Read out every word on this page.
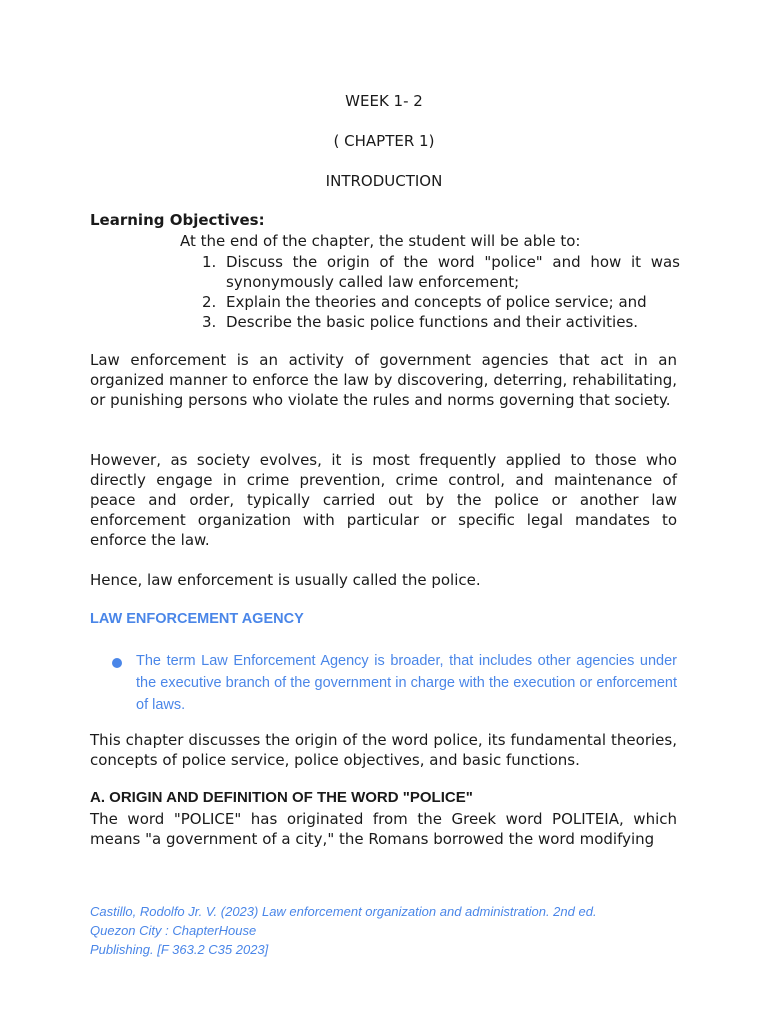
WEEK 1- 2
( CHAPTER 1)
INTRODUCTION
Learning Objectives:
At the end of the chapter, the student will be able to:
1. Discuss the origin of the word "police" and how it was synonymously called law enforcement;
2. Explain the theories and concepts of police service; and
3. Describe the basic police functions and their activities.
Law enforcement is an activity of government agencies that act in an organized manner to enforce the law by discovering, deterring, rehabilitating, or punishing persons who violate the rules and norms governing that society.
However, as society evolves, it is most frequently applied to those who directly engage in crime prevention, crime control, and maintenance of peace and order, typically carried out by the police or another law enforcement organization with particular or specific legal mandates to enforce the law.
Hence, law enforcement is usually called the police.
LAW ENFORCEMENT AGENCY
The term Law Enforcement Agency is broader, that includes other agencies under the executive branch of the government in charge with the execution or enforcement of laws.
This chapter discusses the origin of the word police, its fundamental theories, concepts of police service, police objectives, and basic functions.
A. ORIGIN AND DEFINITION OF THE WORD "POLICE"
The word "POLICE" has originated from the Greek word POLITEIA, which means "a government of a city," the Romans borrowed the word modifying
Castillo, Rodolfo Jr. V. (2023) Law enforcement organization and administration. 2nd ed.
Quezon City : ChapterHouse
Publishing. [F 363.2 C35 2023]
